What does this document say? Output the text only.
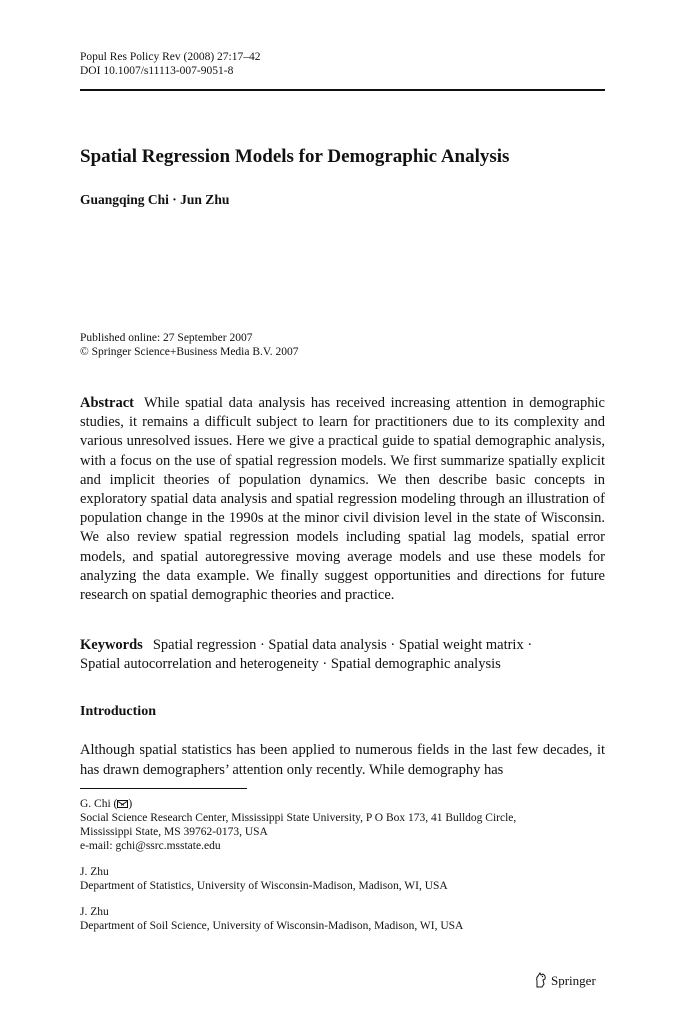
Popul Res Policy Rev (2008) 27:17–42
DOI 10.1007/s11113-007-9051-8
Spatial Regression Models for Demographic Analysis
Guangqing Chi · Jun Zhu
Published online: 27 September 2007
© Springer Science+Business Media B.V. 2007
Abstract While spatial data analysis has received increasing attention in demographic studies, it remains a difficult subject to learn for practitioners due to its complexity and various unresolved issues. Here we give a practical guide to spatial demographic analysis, with a focus on the use of spatial regression models. We first summarize spatially explicit and implicit theories of population dynamics. We then describe basic concepts in exploratory spatial data analysis and spatial regression modeling through an illustration of population change in the 1990s at the minor civil division level in the state of Wisconsin. We also review spatial regression models including spatial lag models, spatial error models, and spatial autoregressive moving average models and use these models for analyzing the data example. We finally suggest opportunities and directions for future research on spatial demographic theories and practice.
Keywords Spatial regression · Spatial data analysis · Spatial weight matrix ·
Spatial autocorrelation and heterogeneity · Spatial demographic analysis
Introduction
Although spatial statistics has been applied to numerous fields in the last few decades, it has drawn demographers’ attention only recently. While demography has
G. Chi ( )
Social Science Research Center, Mississippi State University, P O Box 173, 41 Bulldog Circle,
Mississippi State, MS 39762-0173, USA
e-mail: gchi@ssrc.msstate.edu
J. Zhu
Department of Statistics, University of Wisconsin-Madison, Madison, WI, USA
J. Zhu
Department of Soil Science, University of Wisconsin-Madison, Madison, WI, USA
Springer
